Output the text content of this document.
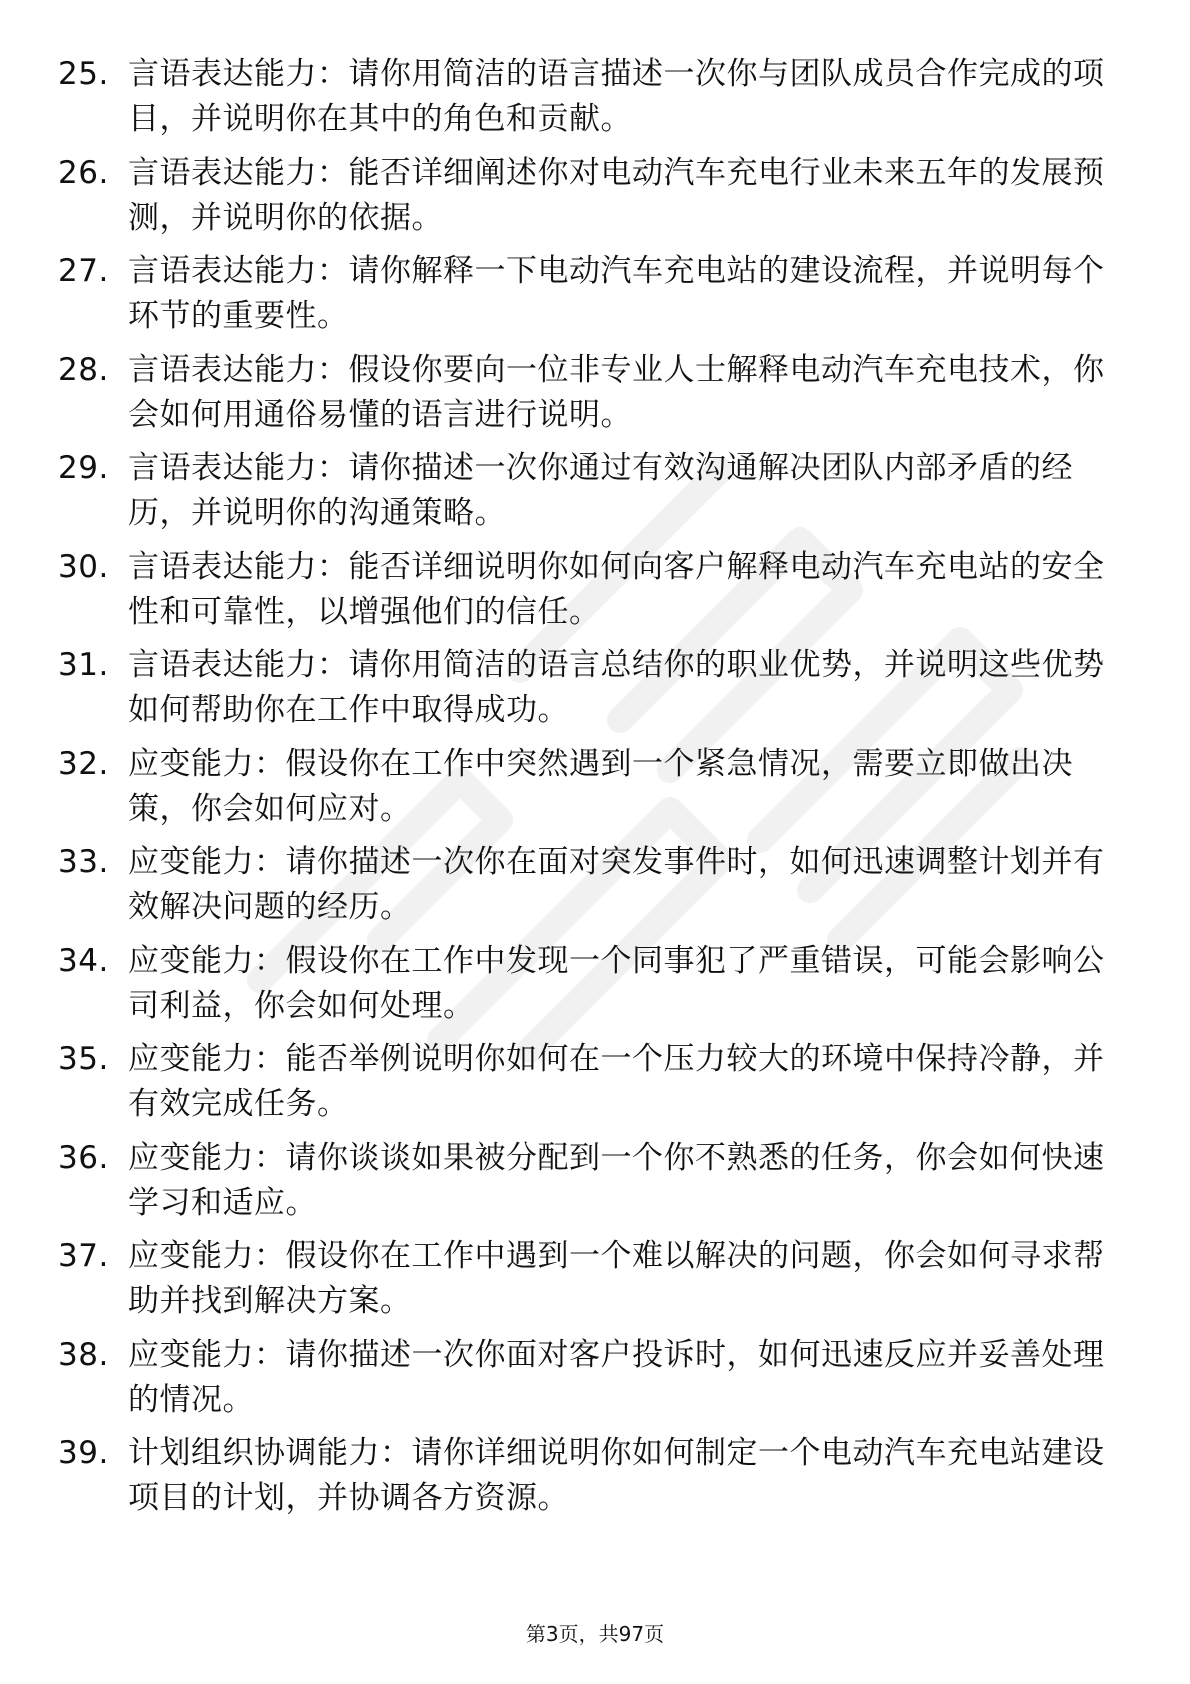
25. 言语表达能力：请你用简洁的语言描述一次你与团队成员合作完成的项目，并说明你在其中的角色和贡献。
26. 言语表达能力：能否详细阐述你对电动汽车充电行业未来五年的发展预测，并说明你的依据。
27. 言语表达能力：请你解释一下电动汽车充电站的建设流程，并说明每个环节的重要性。
28. 言语表达能力：假设你要向一位非专业人士解释电动汽车充电技术，你会如何用通俗易懂的语言进行说明。
29. 言语表达能力：请你描述一次你通过有效沟通解决团队内部矛盾的经历，并说明你的沟通策略。
30. 言语表达能力：能否详细说明你如何向客户解释电动汽车充电站的安全性和可靠性，以增强他们的信任。
31. 言语表达能力：请你用简洁的语言总结你的职业优势，并说明这些优势如何帮助你在工作中取得成功。
32. 应变能力：假设你在工作中突然遇到一个紧急情况，需要立即做出决策，你会如何应对。
33. 应变能力：请你描述一次你在面对突发事件时，如何迅速调整计划并有效解决问题的经历。
34. 应变能力：假设你在工作中发现一个同事犯了严重错误，可能会影响公司利益，你会如何处理。
35. 应变能力：能否举例说明你如何在一个压力较大的环境中保持冷静，并有效完成任务。
36. 应变能力：请你谈谈如果被分配到一个你不熟悉的任务，你会如何快速学习和适应。
37. 应变能力：假设你在工作中遇到一个难以解决的问题，你会如何寻求帮助并找到解决方案。
38. 应变能力：请你描述一次你面对客户投诉时，如何迅速反应并妥善处理的情况。
39. 计划组织协调能力：请你详细说明你如何制定一个电动汽车充电站建设项目的计划，并协调各方资源。
第3页，共97页
